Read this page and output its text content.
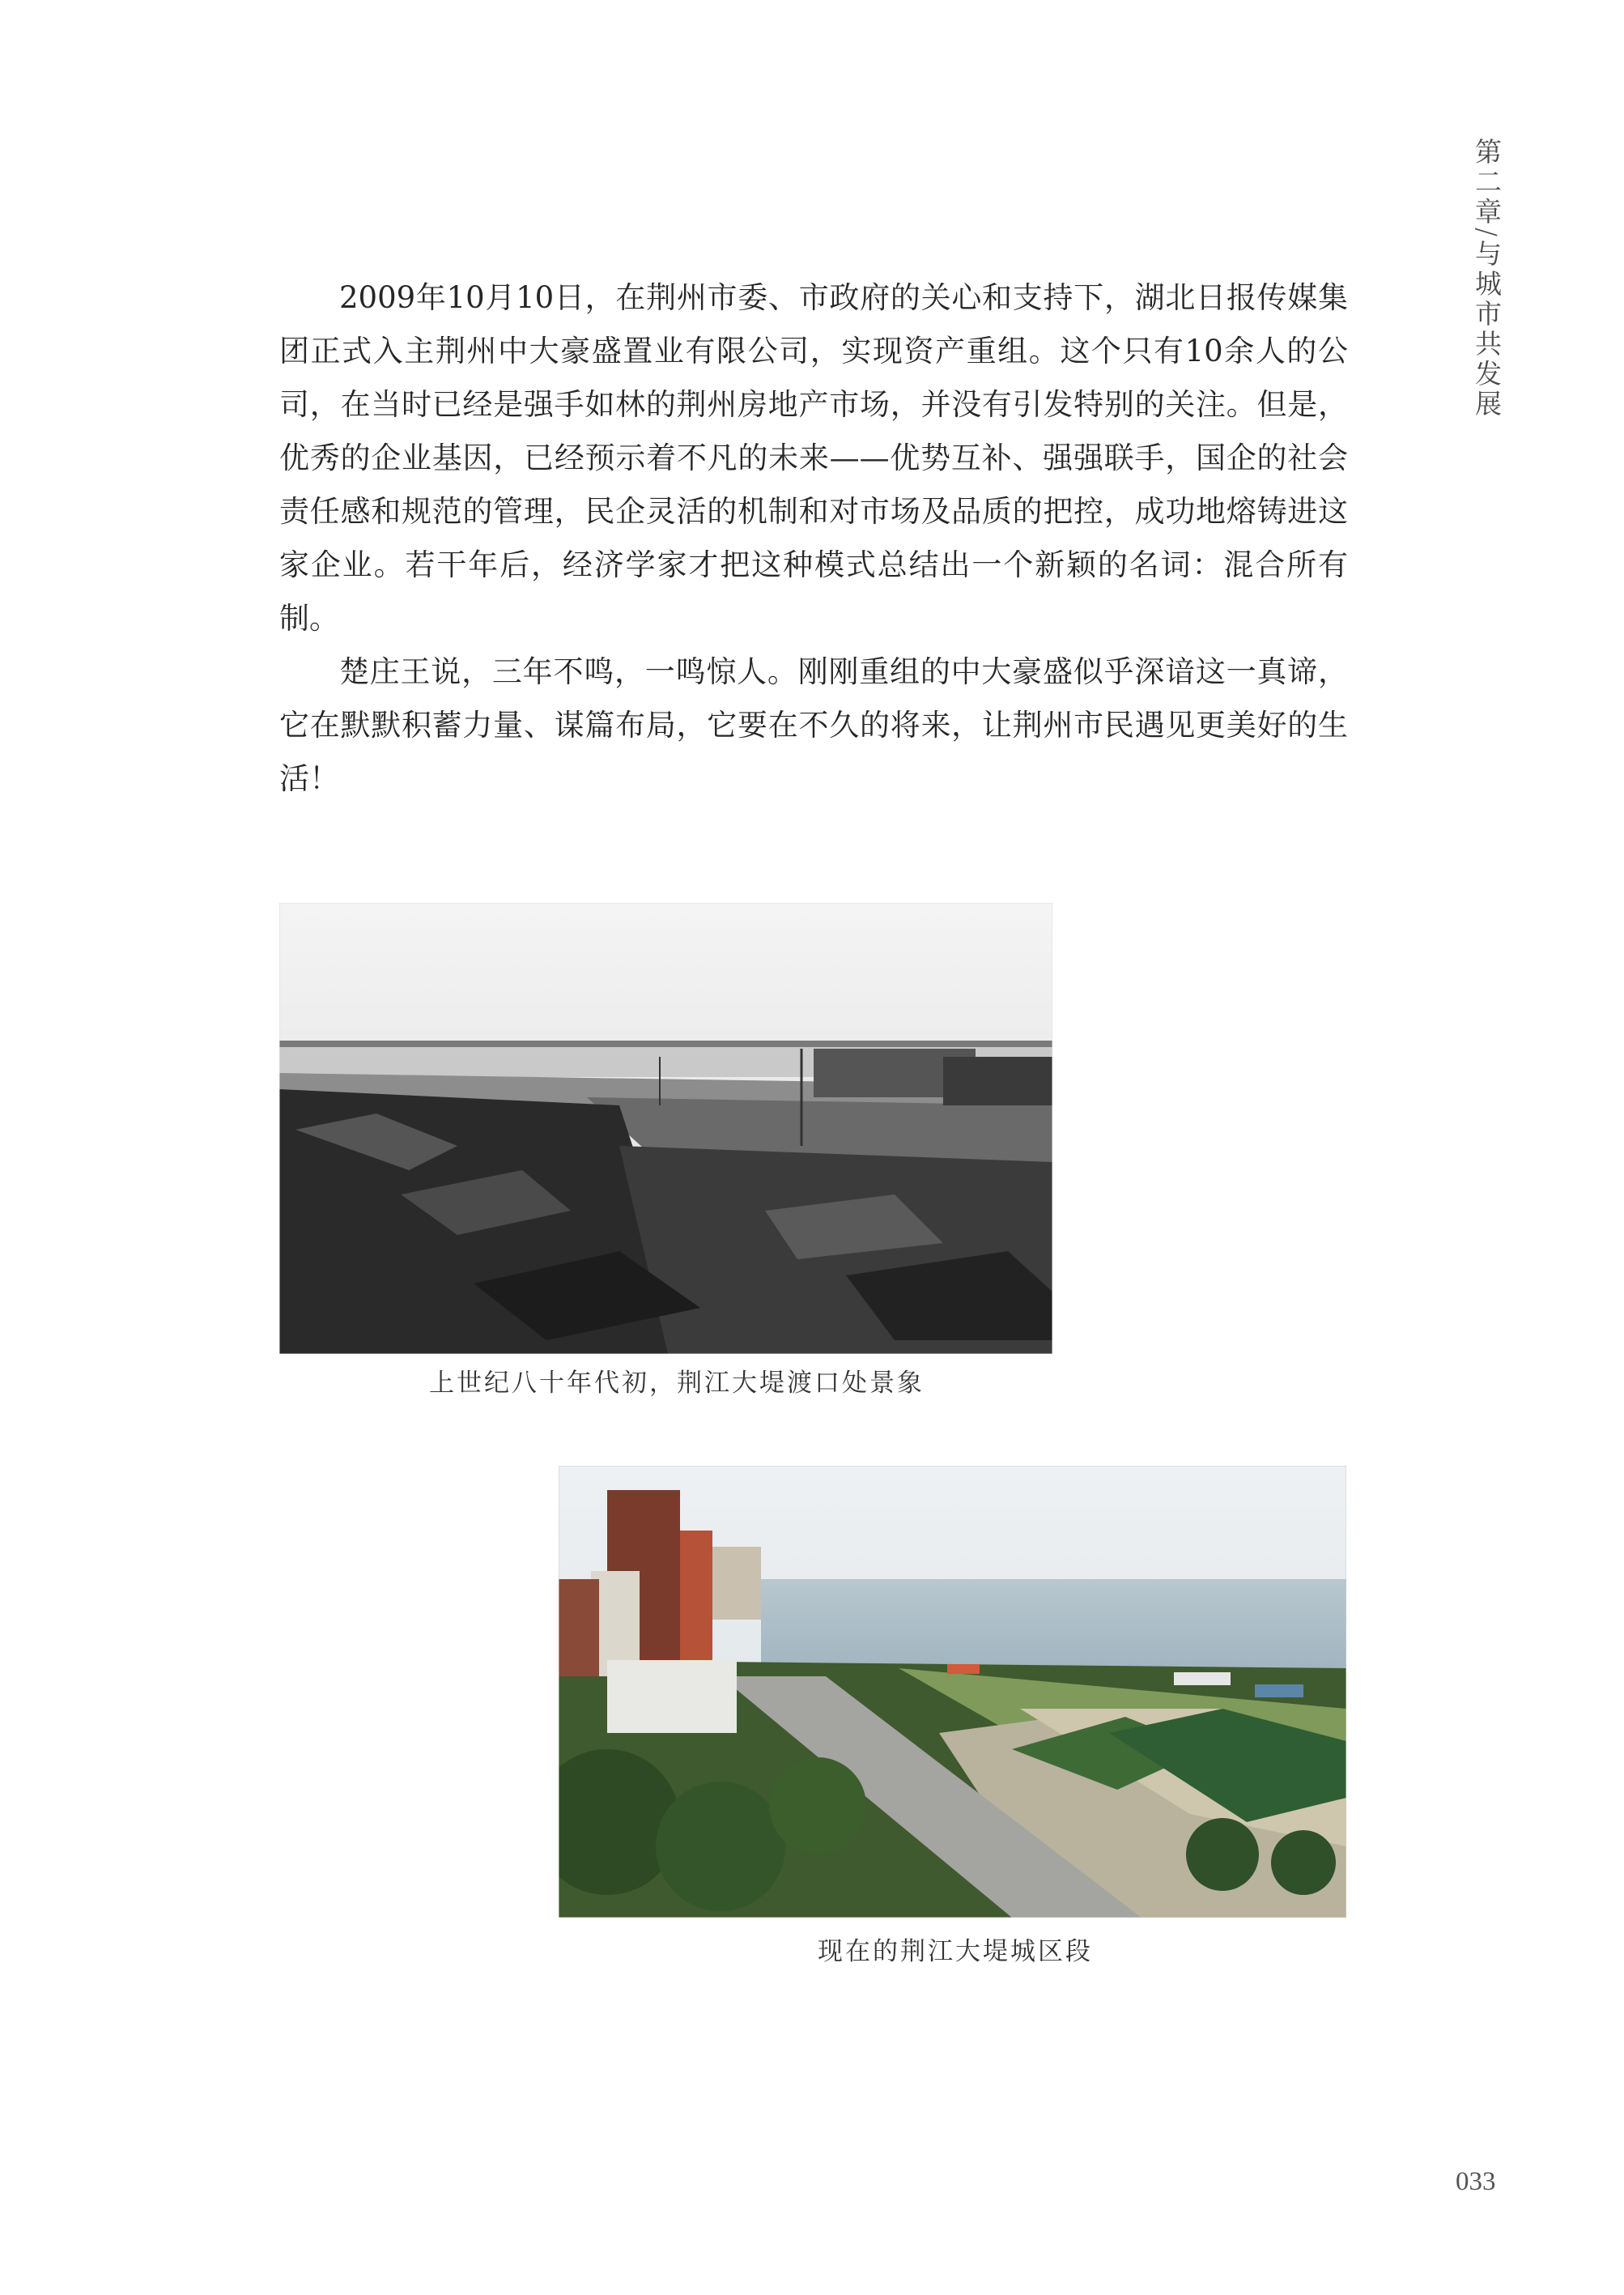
第二章/与城市共发展

2009年10月10日，在荆州市委、市政府的关心和支持下，湖北日报传媒集团正式入主荆州中大豪盛置业有限公司，实现资产重组。这个只有10余人的公司，在当时已经是强手如林的荆州房地产市场，并没有引发特别的关注。但是，优秀的企业基因，已经预示着不凡的未来——优势互补、强强联手，国企的社会责任感和规范的管理，民企灵活的机制和对市场及品质的把控，成功地熔铸进这家企业。若干年后，经济学家才把这种模式总结出一个新颖的名词：混合所有制。

楚庄王说，三年不鸣，一鸣惊人。刚刚重组的中大豪盛似乎深谙这一真谛，它在默默积蓄力量、谋篇布局，它要在不久的将来，让荆州市民遇见更美好的生活！

上世纪八十年代初，荆江大堤渡口处景象
现在的荆江大堤城区段
033
